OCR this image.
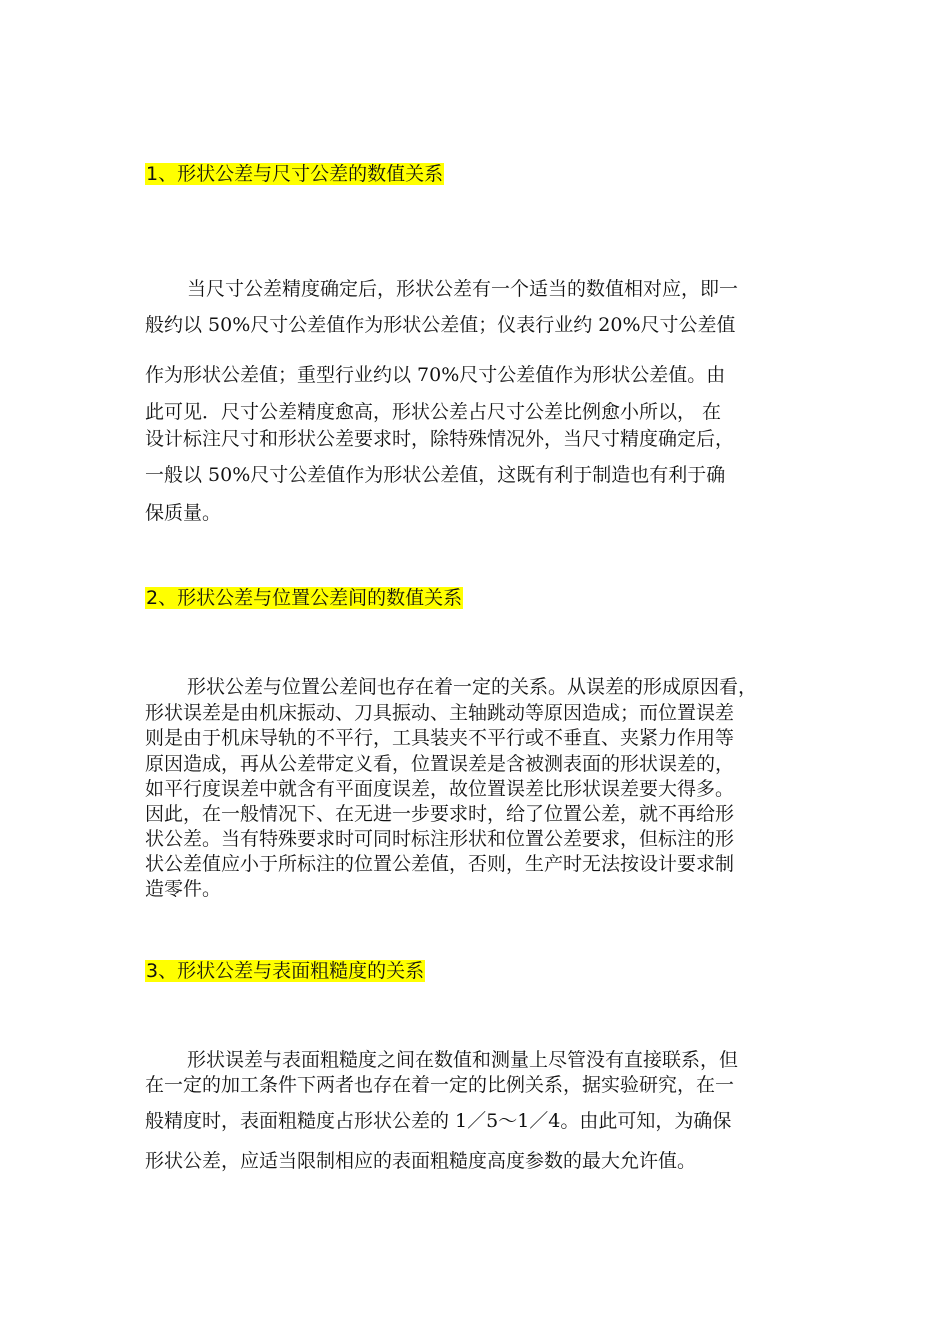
1、形状公差与尺寸公差的数值关系

当尺寸公差精度确定后，形状公差有一个适当的数值相对应，即一

般约以 50%尺寸公差值作为形状公差值；仪表行业约 20%尺寸公差值

作为形状公差值；重型行业约以 70%尺寸公差值作为形状公差值。由

此可见．尺寸公差精度愈高，形状公差占尺寸公差比例愈小所以， 在

设计标注尺寸和形状公差要求时，除特殊情况外，当尺寸精度确定后，

一般以 50%尺寸公差值作为形状公差值，这既有利于制造也有利于确

保质量。

2、形状公差与位置公差间的数值关系

形状公差与位置公差间也存在着一定的关系。从误差的形成原因看，

形状误差是由机床振动、刀具振动、主轴跳动等原因造成；而位置误差

则是由于机床导轨的不平行，工具装夹不平行或不垂直、夹紧力作用等

原因造成，再从公差带定义看，位置误差是含被测表面的形状误差的，

如平行度误差中就含有平面度误差，故位置误差比形状误差要大得多。

因此，在一般情况下、在无进一步要求时，给了位置公差，就不再给形

状公差。当有特殊要求时可同时标注形状和位置公差要求，但标注的形

状公差值应小于所标注的位置公差值，否则，生产时无法按设计要求制

造零件。

3、形状公差与表面粗糙度的关系

形状误差与表面粗糙度之间在数值和测量上尽管没有直接联系，但

在一定的加工条件下两者也存在着一定的比例关系，据实验研究，在一

般精度时，表面粗糙度占形状公差的 1／5～1／4。由此可知，为确保

形状公差，应适当限制相应的表面粗糙度高度参数的最大允许值。
